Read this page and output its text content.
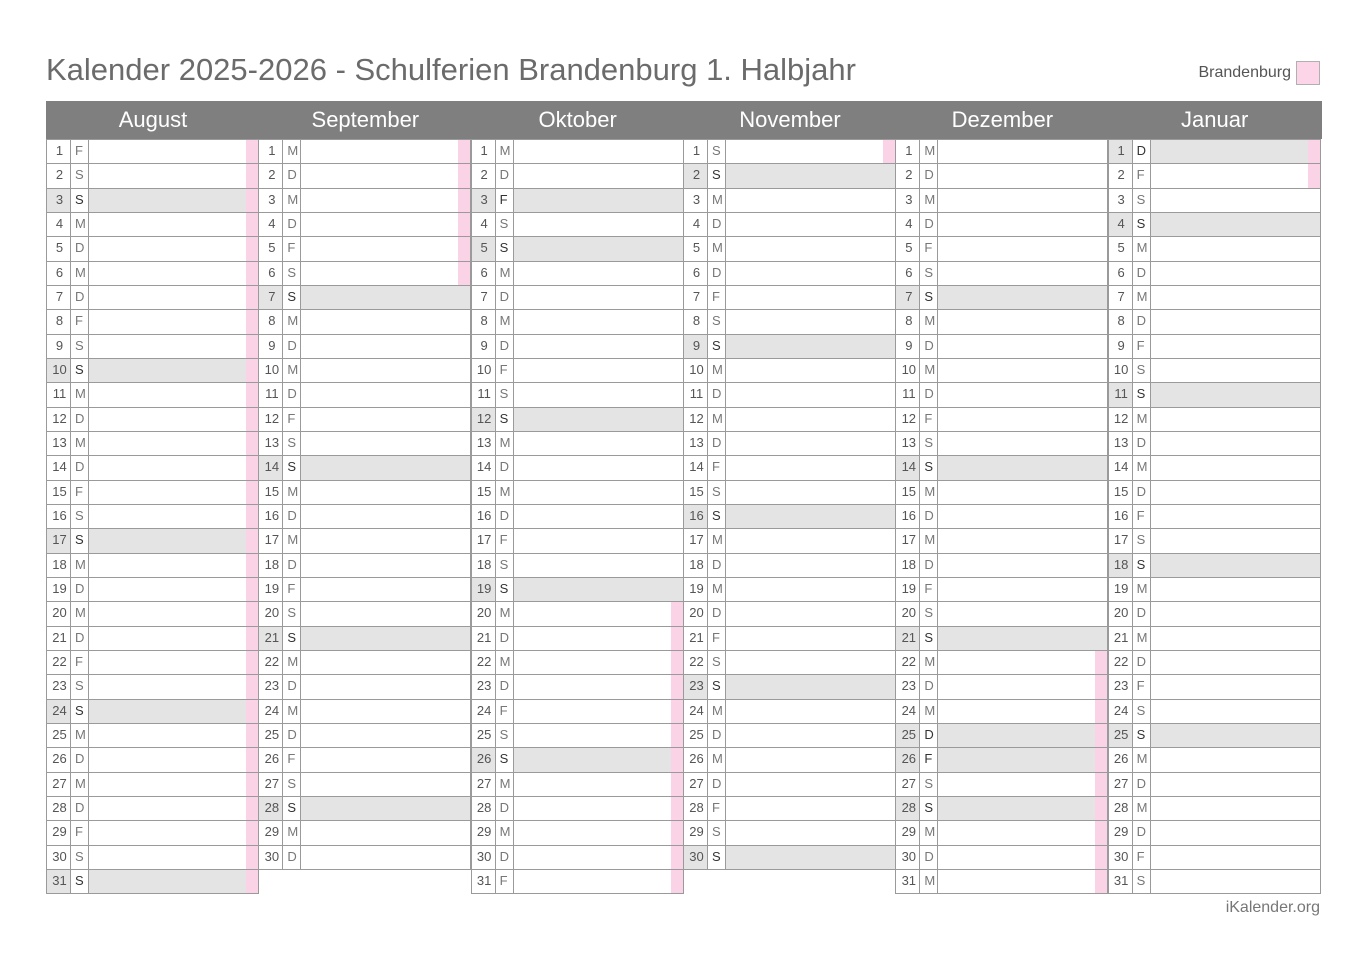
Kalender 2025-2026 - Schulferien Brandenburg 1. Halbjahr	Brandenburg
August
1 F
2 S
3 S
4 M
5 D
6 M
7 D
8 F
9 S
10 S
11 M
12 D
13 M
14 D
15 F
16 S
17 S
18 M
19 D
20 M
21 D
22 F
23 S
24 S
25 M
26 D
27 M
28 D
29 F
30 S
31 S
September
1 M
2 D
3 M
4 D
5 F
6 S
7 S
8 M
9 D
10 M
11 D
12 F
13 S
14 S
15 M
16 D
17 M
18 D
19 F
20 S
21 S
22 M
23 D
24 M
25 D
26 F
27 S
28 S
29 M
30 D
Oktober
1 M
2 D
3 F
4 S
5 S
6 M
7 D
8 M
9 D
10 F
11 S
12 S
13 M
14 D
15 M
16 D
17 F
18 S
19 S
20 M
21 D
22 M
23 D
24 F
25 S
26 S
27 M
28 D
29 M
30 D
31 F
November
1 S
2 S
3 M
4 D
5 M
6 D
7 F
8 S
9 S
10 M
11 D
12 M
13 D
14 F
15 S
16 S
17 M
18 D
19 M
20 D
21 F
22 S
23 S
24 M
25 D
26 M
27 D
28 F
29 S
30 S
Dezember
1 M
2 D
3 M
4 D
5 F
6 S
7 S
8 M
9 D
10 M
11 D
12 F
13 S
14 S
15 M
16 D
17 M
18 D
19 F
20 S
21 S
22 M
23 D
24 M
25 D
26 F
27 S
28 S
29 M
30 D
31 M
Januar
1 D
2 F
3 S
4 S
5 M
6 D
7 M
8 D
9 F
10 S
11 S
12 M
13 D
14 M
15 D
16 F
17 S
18 S
19 M
20 D
21 M
22 D
23 F
24 S
25 S
26 M
27 D
28 M
29 D
30 F
31 S
iKalender.org
